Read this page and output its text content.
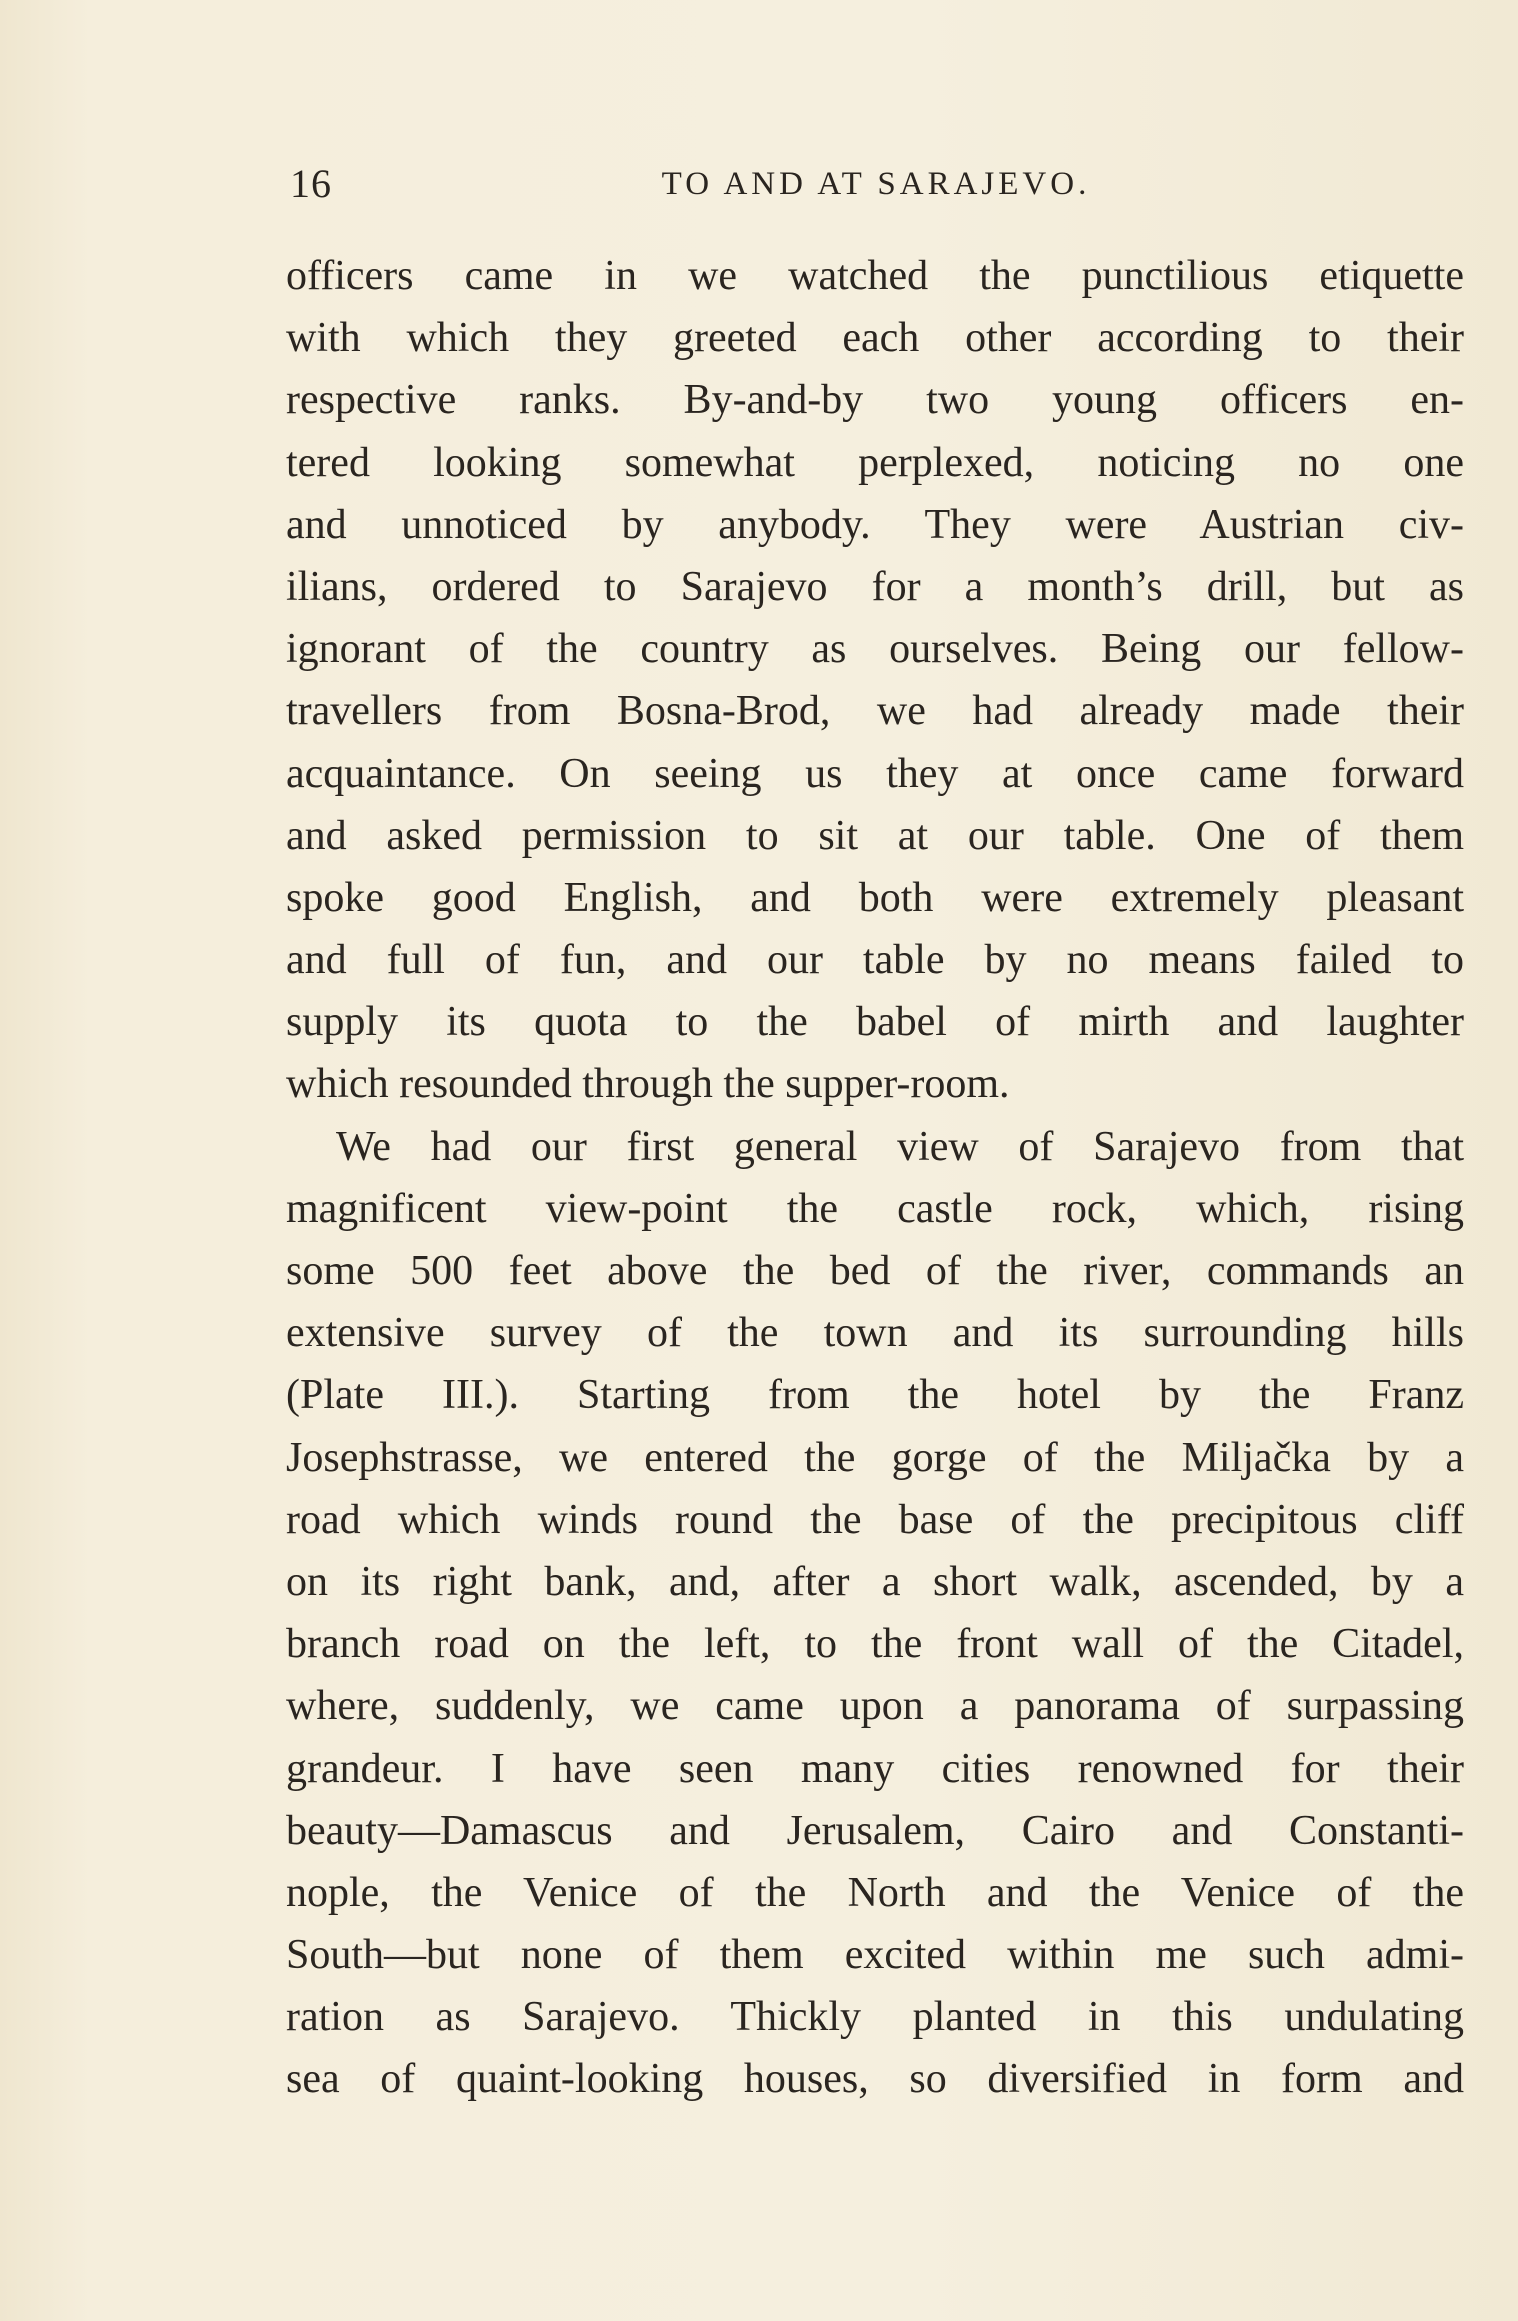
16	TO AND AT SARAJEVO.
officers came in we watched the punctilious etiquette
with which they greeted each other according to their
respective ranks. By-and-by two young officers en-
tered looking somewhat perplexed, noticing no one
and unnoticed by anybody. They were Austrian civ-
ilians, ordered to Sarajevo for a month’s drill, but as
ignorant of the country as ourselves. Being our fellow-
travellers from Bosna-Brod, we had already made their
acquaintance. On seeing us they at once came forward
and asked permission to sit at our table. One of them
spoke good English, and both were extremely pleasant
and full of fun, and our table by no means failed to
supply its quota to the babel of mirth and laughter
which resounded through the supper-room.
We had our first general view of Sarajevo from that
magnificent view-point the castle rock, which, rising
some 500 feet above the bed of the river, commands an
extensive survey of the town and its surrounding hills
(Plate III.). Starting from the hotel by the Franz
Josephstrasse, we entered the gorge of the Miljačka by a
road which winds round the base of the precipitous cliff
on its right bank, and, after a short walk, ascended, by a
branch road on the left, to the front wall of the Citadel,
where, suddenly, we came upon a panorama of surpassing
grandeur. I have seen many cities renowned for their
beauty—Damascus and Jerusalem, Cairo and Constanti-
nople, the Venice of the North and the Venice of the
South—but none of them excited within me such admi-
ration as Sarajevo. Thickly planted in this undulating
sea of quaint-looking houses, so diversified in form and
